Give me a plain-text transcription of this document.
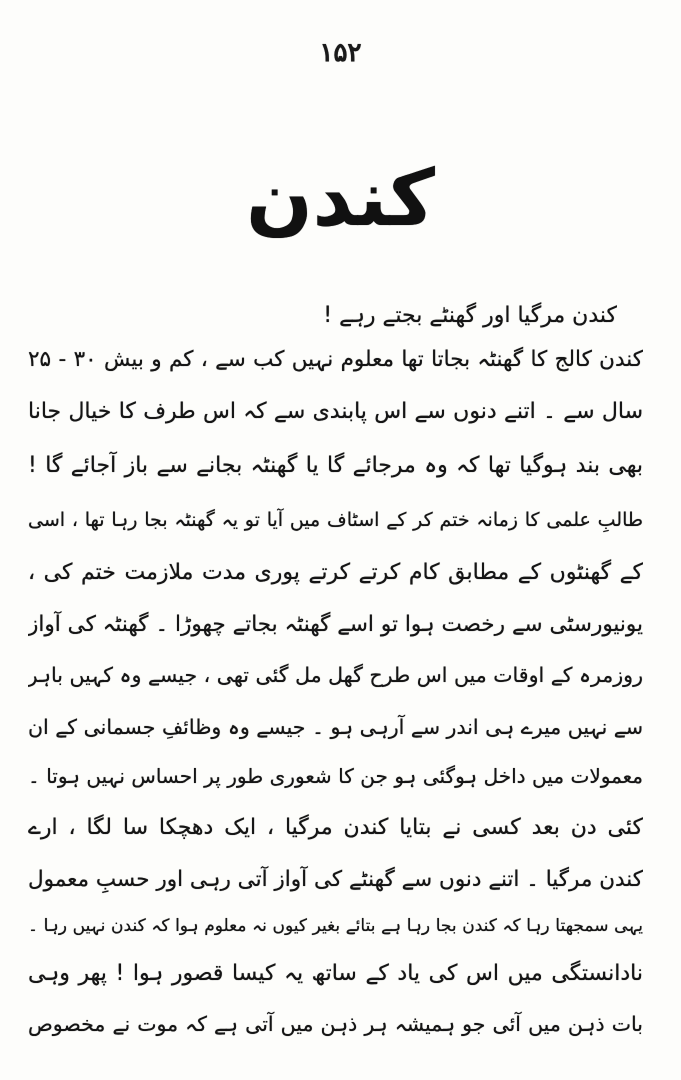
۱۵۲
کندن
کندن مرگیا اور گھنٹے بجتے رہے !
کندن کالج کا گھنٹہ بجاتا تھا معلوم نہیں کب سے ، کم و بیش ۳۰ - ۲۵
سال سے ۔ اتنے دنوں سے اس پابندی سے کہ اس طرف کا خیال جانا
بھی بند ہوگیا تھا کہ وہ مرجائے گا یا گھنٹہ بجانے سے باز آجائے گا !
طالبِ علمی کا زمانہ ختم کر کے اسٹاف میں آیا تو یہ گھنٹہ بجا رہا تھا ، اسی
کے گھنٹوں کے مطابق کام کرتے کرتے پوری مدت ملازمت ختم کی ،
یونیورسٹی سے رخصت ہوا تو اسے گھنٹہ بجاتے چھوڑا ۔ گھنٹہ کی آواز
روزمرہ کے اوقات میں اس طرح گھل مل گئی تھی ، جیسے وہ کہیں باہر
سے نہیں میرے ہی اندر سے آرہی ہو ۔ جیسے وہ وظائفِ جسمانی کے ان
معمولات میں داخل ہوگئی ہو جن کا شعوری طور پر احساس نہیں ہوتا ۔
کئی دن بعد کسی نے بتایا کندن مرگیا ، ایک دھچکا سا لگا ، ارے
کندن مرگیا ۔ اتنے دنوں سے گھنٹے کی آواز آتی رہی اور حسبِ معمول
یہی سمجھتا رہا کہ کندن بجا رہا ہے بتائے بغیر کیوں نہ معلوم ہوا کہ کندن نہیں رہا ۔
نادانستگی میں اس کی یاد کے ساتھ یہ کیسا قصور ہوا ! پھر وہی
بات ذہن میں آئی جو ہمیشہ ہر ذہن میں آتی ہے کہ موت نے مخصوص
